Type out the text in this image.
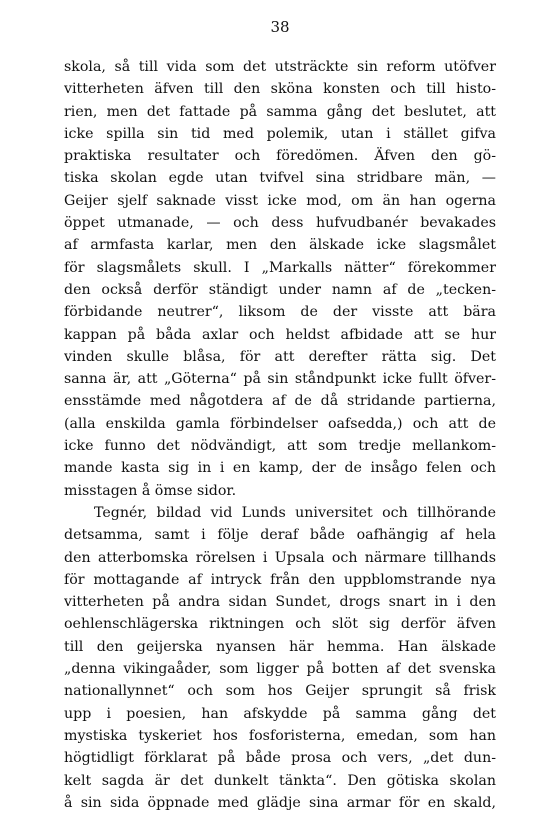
38
skola, så till vida som det utsträckte sin reform utöfver
vitterheten äfven till den sköna konsten och till histo-
rien, men det fattade på samma gång det beslutet, att
icke spilla sin tid med polemik, utan i stället gifva
praktiska resultater och föredömen. Äfven den gö-
tiska skolan egde utan tvifvel sina stridbare män, —
Geijer sjelf saknade visst icke mod, om än han ogerna
öppet utmanade, — och dess hufvudbanér bevakades
af armfasta karlar, men den älskade icke slagsmålet
för slagsmålets skull. I „Markalls nätter“ förekommer
den också derför ständigt under namn af de „tecken-
förbidande neutrer“, liksom de der visste att bära
kappan på båda axlar och heldst afbidade att se hur
vinden skulle blåsa, för att derefter rätta sig. Det
sanna är, att „Göterna“ på sin ståndpunkt icke fullt öfver-
ensstämde med någotdera af de då stridande partierna,
(alla enskilda gamla förbindelser oafsedda,) och att de
icke funno det nödvändigt, att som tredje mellankom-
mande kasta sig in i en kamp, der de insågo felen och
misstagen å ömse sidor.
Tegnér, bildad vid Lunds universitet och tillhörande
detsamma, samt i följe deraf både oafhängig af hela
den atterbomska rörelsen i Upsala och närmare tillhands
för mottagande af intryck från den uppblomstrande nya
vitterheten på andra sidan Sundet, drogs snart in i den
oehlenschlägerska riktningen och slöt sig derför äfven
till den geijerska nyansen här hemma. Han älskade
„denna vikingaåder, som ligger på botten af det svenska
nationallynnet“ och som hos Geijer sprungit så frisk
upp i poesien, han afskydde på samma gång det
mystiska tyskeriet hos fosforisterna, emedan, som han
högtidligt förklarat på både prosa och vers, „det dun-
kelt sagda är det dunkelt tänkta“. Den götiska skolan
å sin sida öppnade med glädje sina armar för en skald,
